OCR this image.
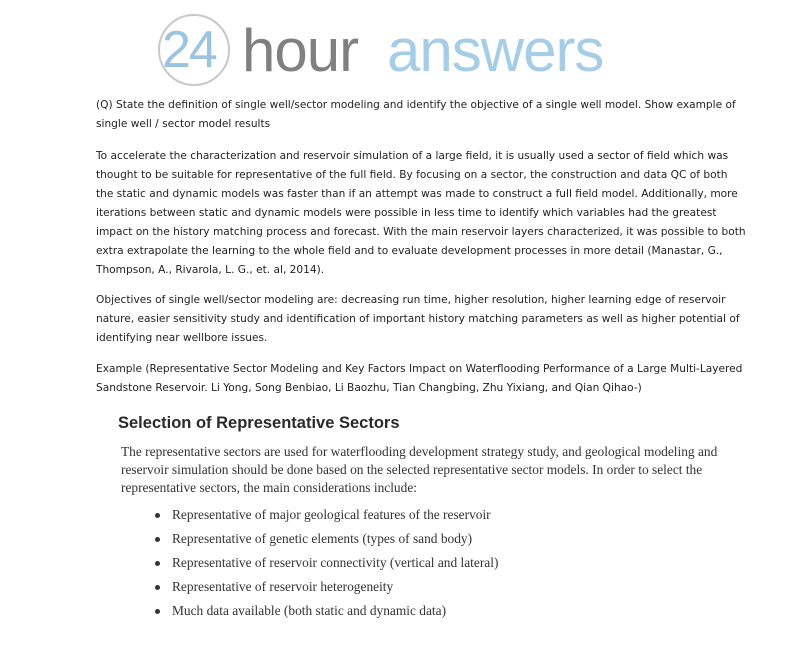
24 hour answers

(Q) State the definition of single well/sector modeling and identify the objective of a single well model. Show example of single well / sector model results

To accelerate the characterization and reservoir simulation of a large field, it is usually used a sector of field which was thought to be suitable for representative of the full field. By focusing on a sector, the construction and data QC of both the static and dynamic models was faster than if an attempt was made to construct a full field model. Additionally, more iterations between static and dynamic models were possible in less time to identify which variables had the greatest impact on the history matching process and forecast. With the main reservoir layers characterized, it was possible to both extra extrapolate the learning to the whole field and to evaluate development processes in more detail (Manastar, G., Thompson, A., Rivarola, L. G., et. al, 2014).

Objectives of single well/sector modeling are: decreasing run time, higher resolution, higher learning edge of reservoir nature, easier sensitivity study and identification of important history matching parameters as well as higher potential of identifying near wellbore issues.

Example (Representative Sector Modeling and Key Factors Impact on Waterflooding Performance of a Large Multi-Layered Sandstone Reservoir. Li Yong, Song Benbiao, Li Baozhu, Tian Changbing, Zhu Yixiang, and Qian Qihao-)

Selection of Representative Sectors

The representative sectors are used for waterflooding development strategy study, and geological modeling and reservoir simulation should be done based on the selected representative sector models. In order to select the representative sectors, the main considerations include:

Representative of major geological features of the reservoir
Representative of genetic elements (types of sand body)
Representative of reservoir connectivity (vertical and lateral)
Representative of reservoir heterogeneity
Much data available (both static and dynamic data)
